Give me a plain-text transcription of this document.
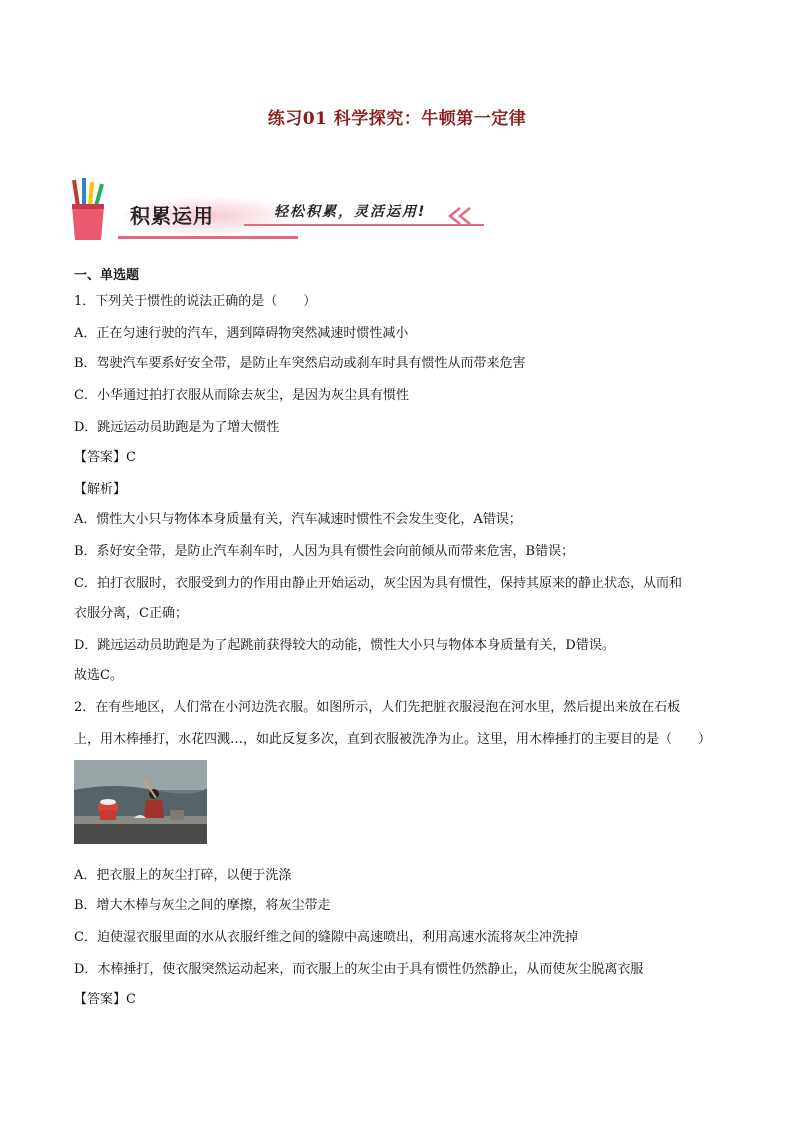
练习01 科学探究：牛顿第一定律
积累运用	轻松积累，灵活运用!
一、单选题
1．下列关于惯性的说法正确的是（　　）
A．正在匀速行驶的汽车，遇到障碍物突然减速时惯性减小
B．驾驶汽车要系好安全带，是防止车突然启动或刹车时具有惯性从而带来危害
C．小华通过拍打衣服从而除去灰尘，是因为灰尘具有惯性
D．跳远运动员助跑是为了增大惯性
【答案】C
【解析】
A．惯性大小只与物体本身质量有关，汽车减速时惯性不会发生变化，A错误；
B．系好安全带，是防止汽车刹车时，人因为具有惯性会向前倾从而带来危害，B错误；
C．拍打衣服时，衣服受到力的作用由静止开始运动，灰尘因为具有惯性，保持其原来的静止状态，从而和
衣服分离，C正确；
D．跳远运动员助跑是为了起跳前获得较大的动能，惯性大小只与物体本身质量有关，D错误。
故选C。
2．在有些地区，人们常在小河边洗衣服。如图所示，人们先把脏衣服浸泡在河水里，然后提出来放在石板
上，用木棒捶打，水花四溅…，如此反复多次，直到衣服被洗净为止。这里，用木棒捶打的主要目的是（　　）
A．把衣服上的灰尘打碎，以便于洗涤
B．增大木棒与灰尘之间的摩擦，将灰尘带走
C．迫使湿衣服里面的水从衣服纤维之间的缝隙中高速喷出，利用高速水流将灰尘冲洗掉
D．木棒捶打，使衣服突然运动起来，而衣服上的灰尘由于具有惯性仍然静止，从而使灰尘脱离衣服
【答案】C
